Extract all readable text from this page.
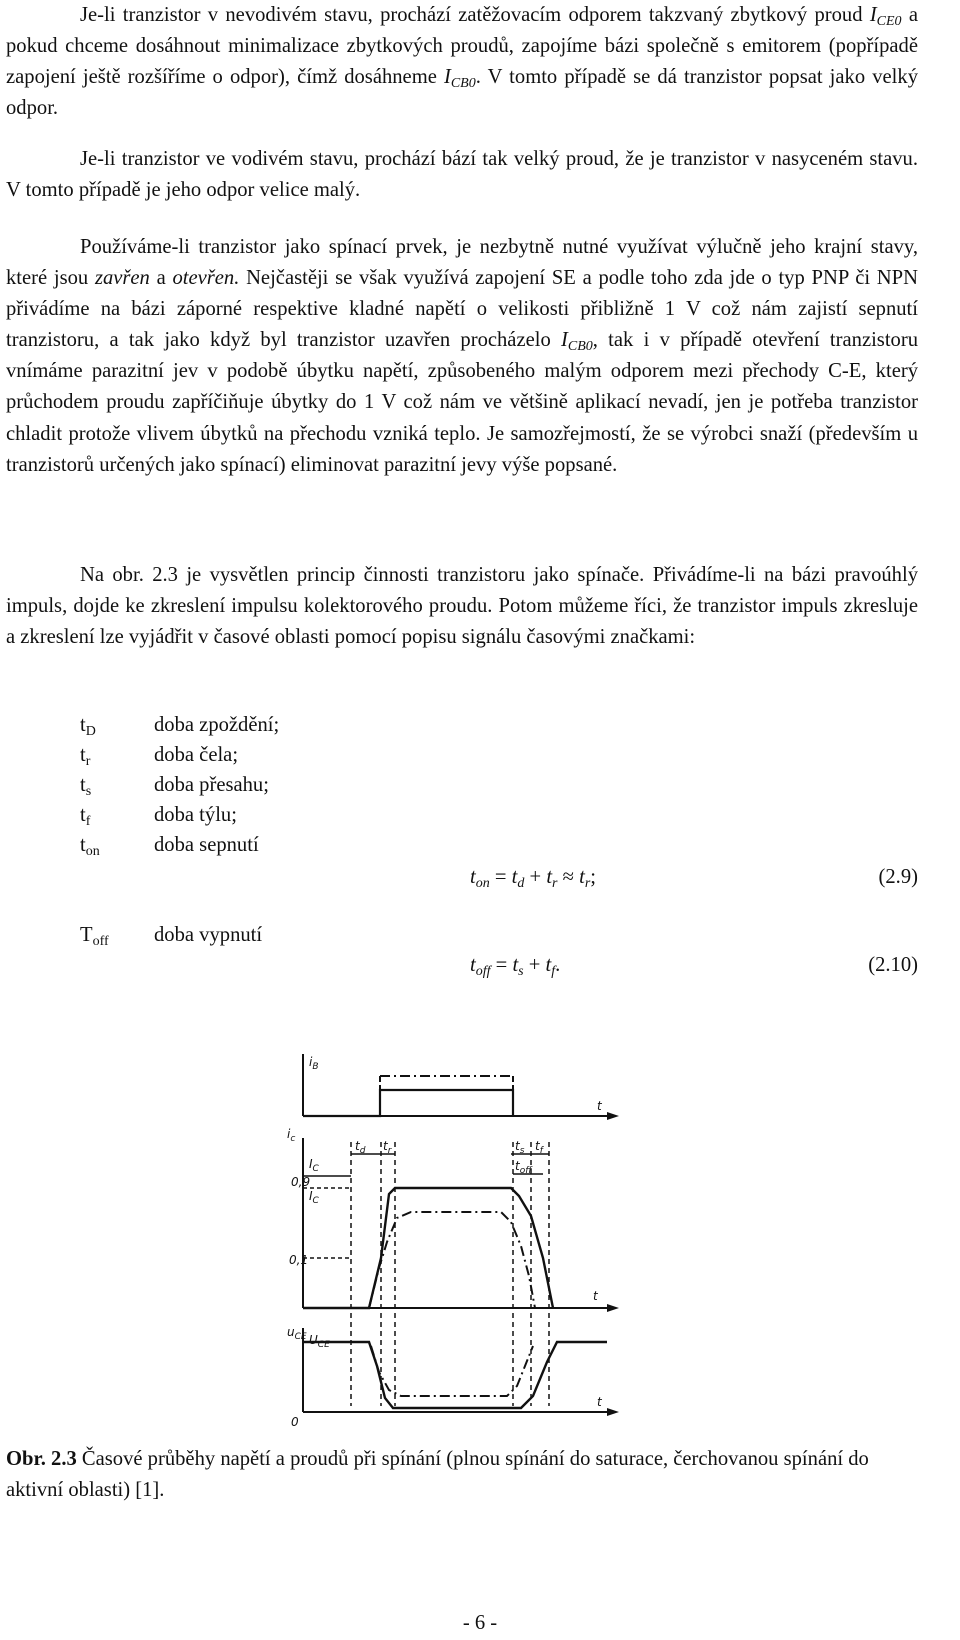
Je-li tranzistor v nevodivém stavu, prochází zatěžovacím odporem takzvaný zbytkový proud $I_{CE0}$ a pokud chceme dosáhnout minimalizace zbytkových proudů, zapojíme bázi společně s emitorem (popřípadě zapojení ještě rozšíříme o odpor), čímž dosáhneme $I_{CB0}$. V tomto případě se dá tranzistor popsat jako velký odpor.

Je-li tranzistor ve vodivém stavu, prochází bází tak velký proud, že je tranzistor v nasyceném stavu. V tomto případě je jeho odpor velice malý.

Používáme-li tranzistor jako spínací prvek, je nezbytně nutné využívat výlučně jeho krajní stavy, které jsou zavřen a otevřen. Nejčastěji se však využívá zapojení SE a podle toho zda jde o typ PNP či NPN přivádíme na bázi záporné respektive kladné napětí o velikosti přibližně 1 V což nám zajistí sepnutí tranzistoru, a tak jako když byl tranzistor uzavřen procházelo $I_{CB0}$, tak i v případě otevření tranzistoru vnímáme parazitní jev v podobě úbytku napětí, způsobeného malým odporem mezi přechody C-E, který průchodem proudu zapříčiňuje úbytky do 1 V což nám ve většině aplikací nevadí, jen je potřeba tranzistor chladit protože vlivem úbytků na přechodu vzniká teplo. Je samozřejmostí, že se výrobci snaží (především u tranzistorů určených jako spínací) eliminovat parazitní jevy výše popsané.

Na obr. 2.3 je vysvětlen princip činnosti tranzistoru jako spínače. Přivádíme-li na bázi pravoúhlý impuls, dojde ke zkreslení impulsu kolektorového proudu. Potom můžeme říci, že tranzistor impuls zkresluje a zkreslení lze vyjádřit v časové oblasti pomocí popisu signálu časovými značkami:

$t_D$	doba zpoždění;
$t_r$	doba čela;
$t_s$	doba přesahu;
$t_f$	doba týlu;
$t_{on}$	doba sepnutí
$T_{off}$ doba vypnutí
$t_{on} = t_d + t_r \approx t_r$;	(2.9)
$t_{off} = t_s + t_f$.	(2.10)
$i_B$
t
t
$i_c$
$I_C$
0,9
$I_C$
0,1
$t_d$ $t_r$	$t_s$ $t_f$
$t_{off}$
t
$u_{CE}$ $U_{CE}$
0

Obr. 2.3 Časové průběhy napětí a proudů při spínání (plnou spínání do saturace, čerchovanou spínání do aktivní oblasti) [1].

- 6 -
